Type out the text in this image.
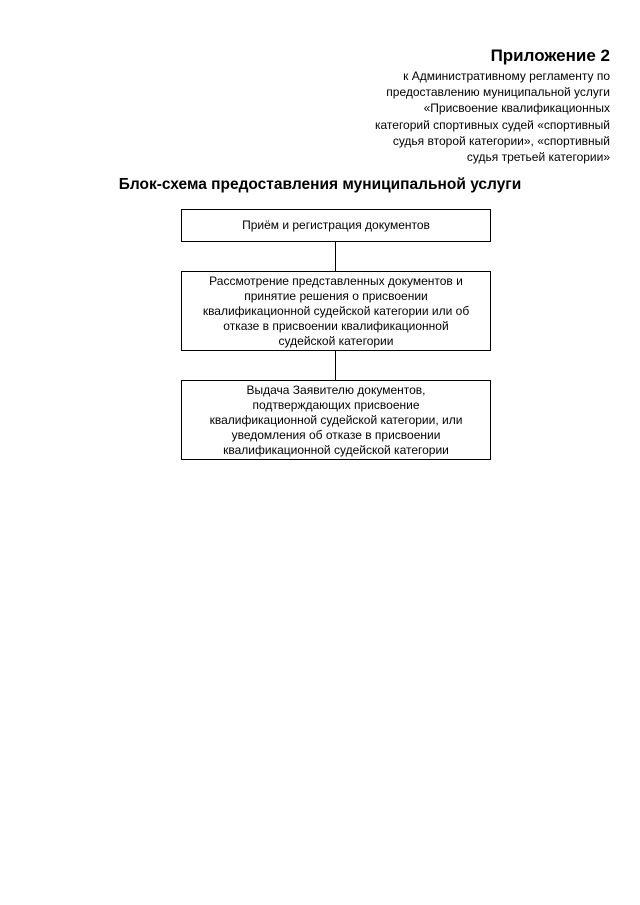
Приложение 2
к Административному регламенту по
предоставлению муниципальной услуги
«Присвоение квалификационных
категорий спортивных судей «спортивный
судья второй категории», «спортивный
судья третьей категории»
Блок-схема предоставления муниципальной услуги
Приём и регистрация документов
Рассмотрение представленных документов и
принятие решения о присвоении
квалификационной судейской категории или об
отказе в присвоении квалификационной
судейской категории
Выдача Заявителю документов,
подтверждающих присвоение
квалификационной судейской категории, или
уведомления об отказе в присвоении
квалификационной судейской категории
